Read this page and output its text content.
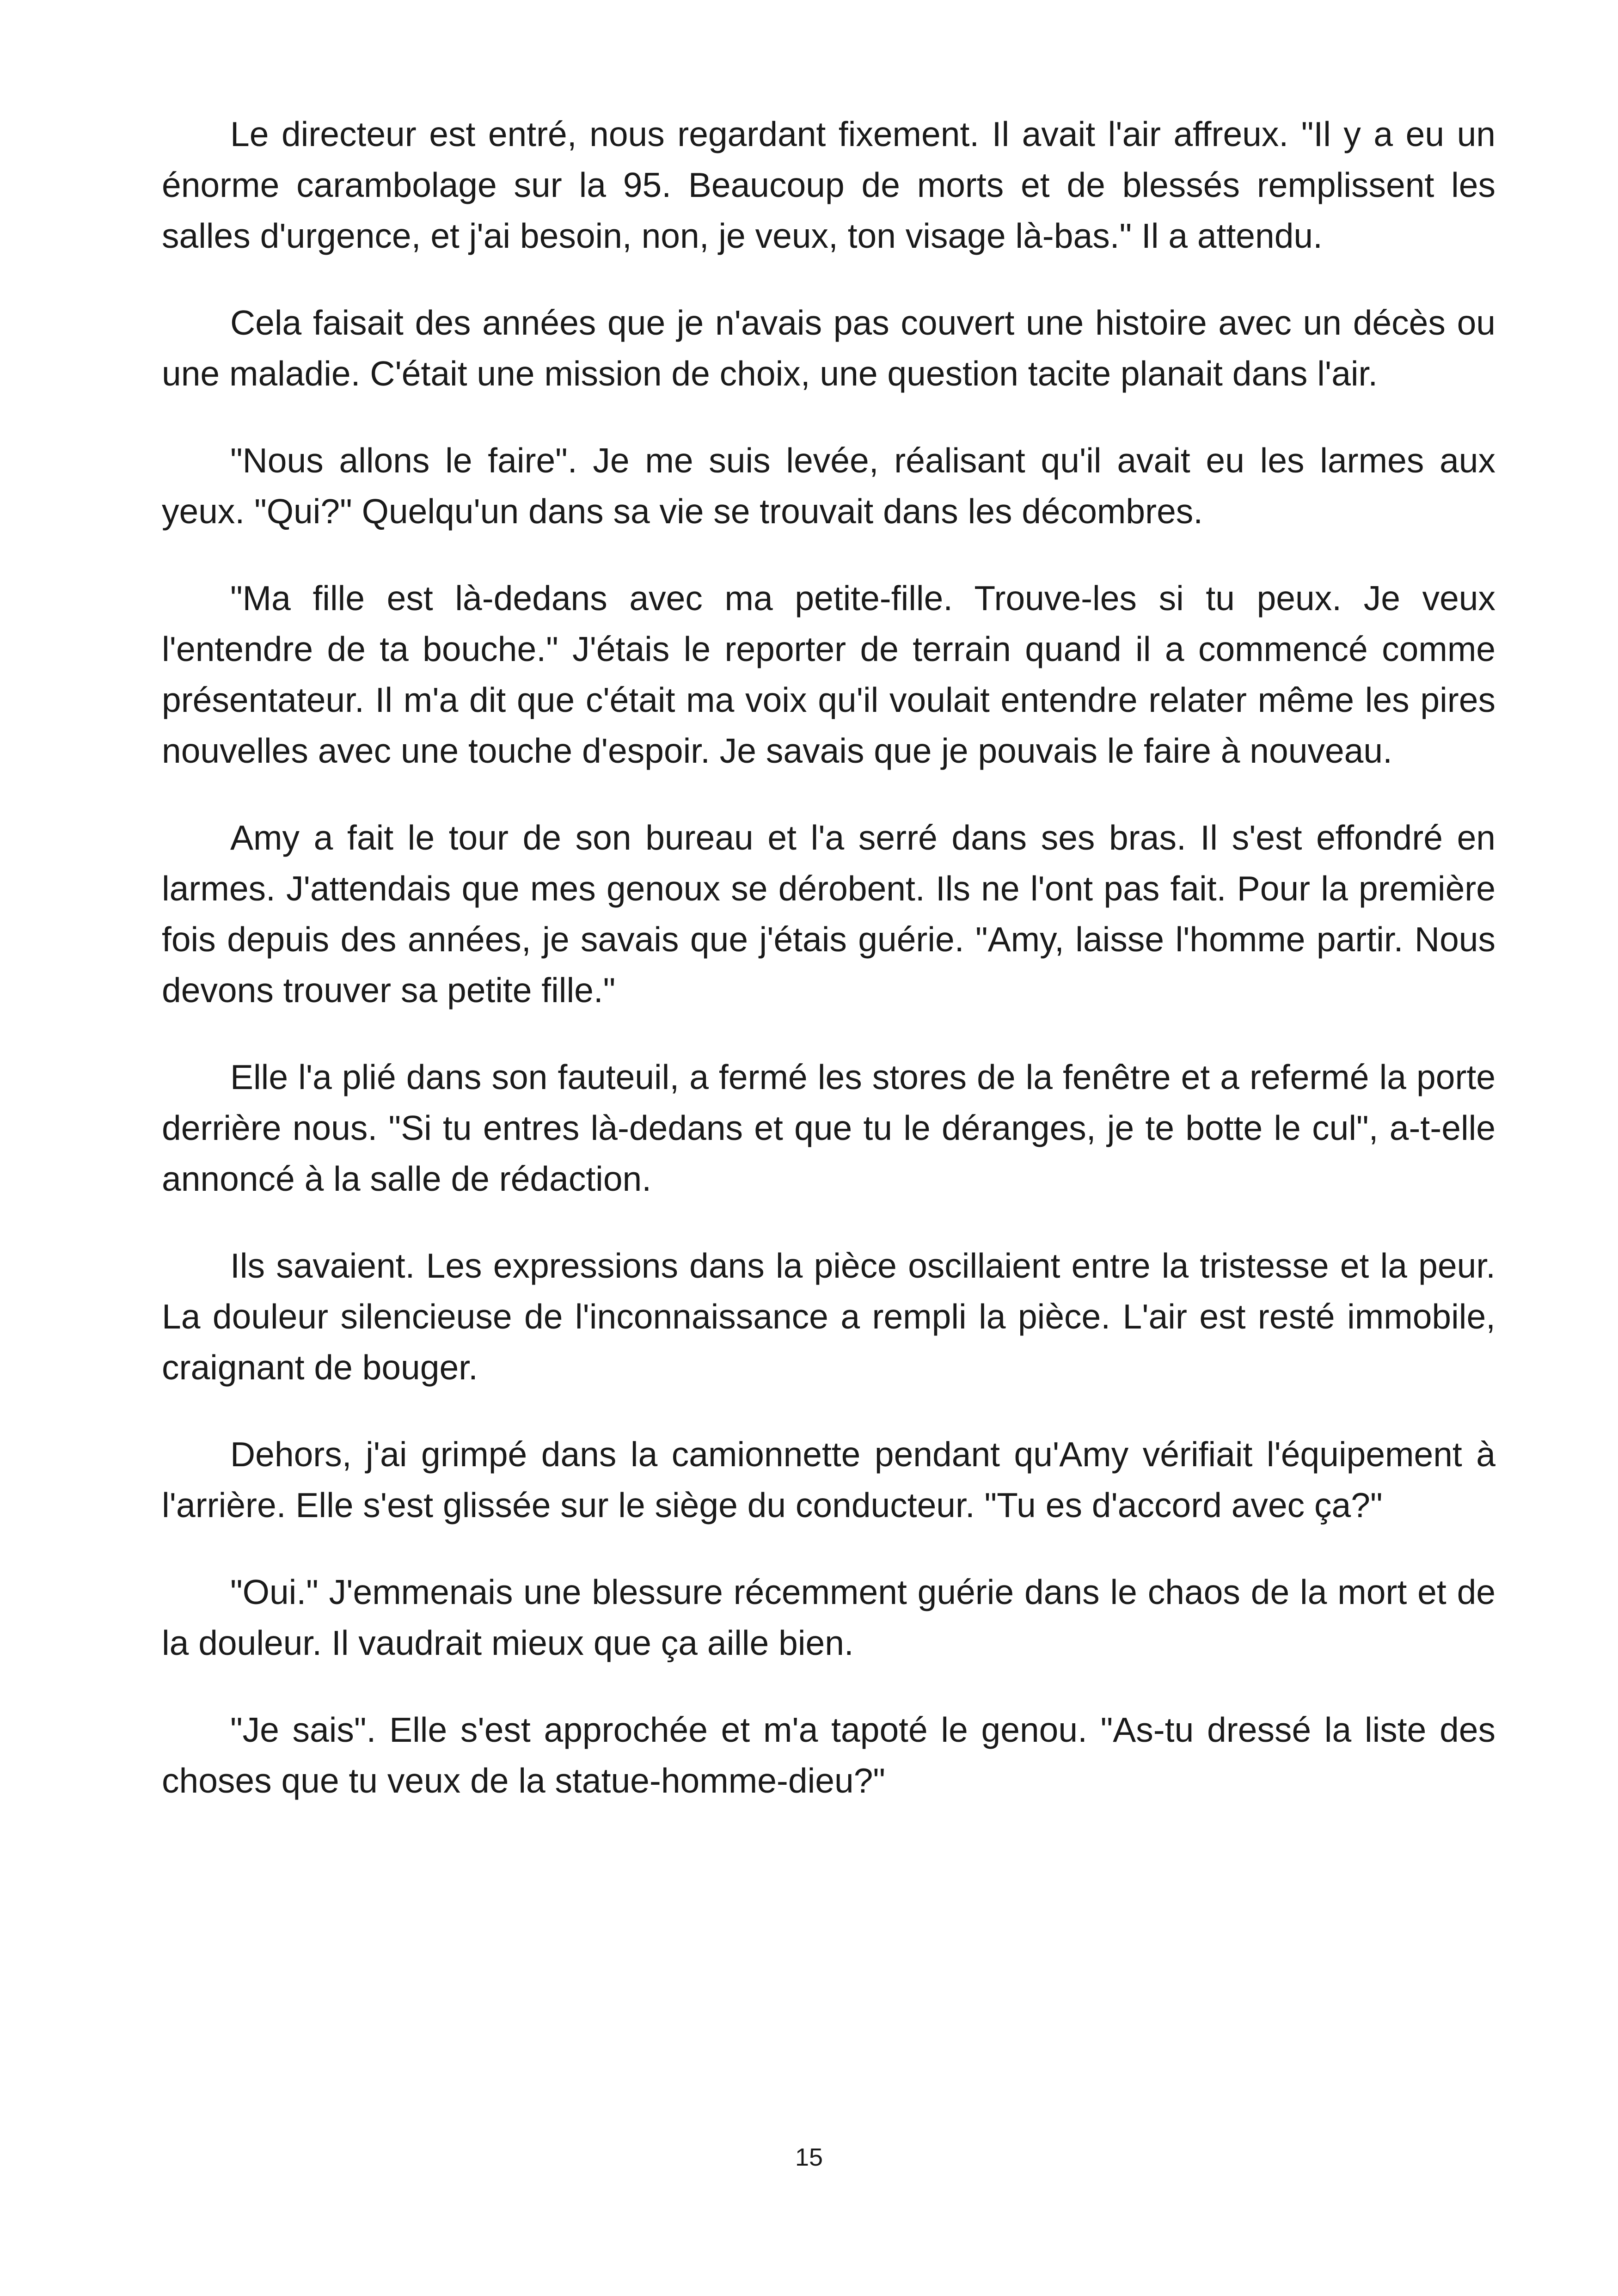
Le directeur est entré, nous regardant fixement. Il avait l'air affreux. "Il y a eu un énorme carambolage sur la 95. Beaucoup de morts et de blessés remplissent les salles d'urgence, et j'ai besoin, non, je veux, ton visage là-bas." Il a attendu.

Cela faisait des années que je n'avais pas couvert une histoire avec un décès ou une maladie. C'était une mission de choix, une question tacite planait dans l'air.

"Nous allons le faire". Je me suis levée, réalisant qu'il avait eu les larmes aux yeux. "Qui?" Quelqu'un dans sa vie se trouvait dans les décombres.

"Ma fille est là-dedans avec ma petite-fille. Trouve-les si tu peux. Je veux l'entendre de ta bouche." J'étais le reporter de terrain quand il a commencé comme présentateur. Il m'a dit que c'était ma voix qu'il voulait entendre relater même les pires nouvelles avec une touche d'espoir. Je savais que je pouvais le faire à nouveau.

Amy a fait le tour de son bureau et l'a serré dans ses bras. Il s'est effondré en larmes. J'attendais que mes genoux se dérobent. Ils ne l'ont pas fait. Pour la première fois depuis des années, je savais que j'étais guérie. "Amy, laisse l'homme partir. Nous devons trouver sa petite fille."

Elle l'a plié dans son fauteuil, a fermé les stores de la fenêtre et a refermé la porte derrière nous. "Si tu entres là-dedans et que tu le déranges, je te botte le cul", a-t-elle annoncé à la salle de rédaction.

Ils savaient. Les expressions dans la pièce oscillaient entre la tristesse et la peur. La douleur silencieuse de l'inconnaissance a rempli la pièce. L'air est resté immobile, craignant de bouger.

Dehors, j'ai grimpé dans la camionnette pendant qu'Amy vérifiait l'équipement à l'arrière. Elle s'est glissée sur le siège du conducteur. "Tu es d'accord avec ça?"

"Oui." J'emmenais une blessure récemment guérie dans le chaos de la mort et de la douleur. Il vaudrait mieux que ça aille bien.

"Je sais". Elle s'est approchée et m'a tapoté le genou. "As-tu dressé la liste des choses que tu veux de la statue-homme-dieu?"

15
